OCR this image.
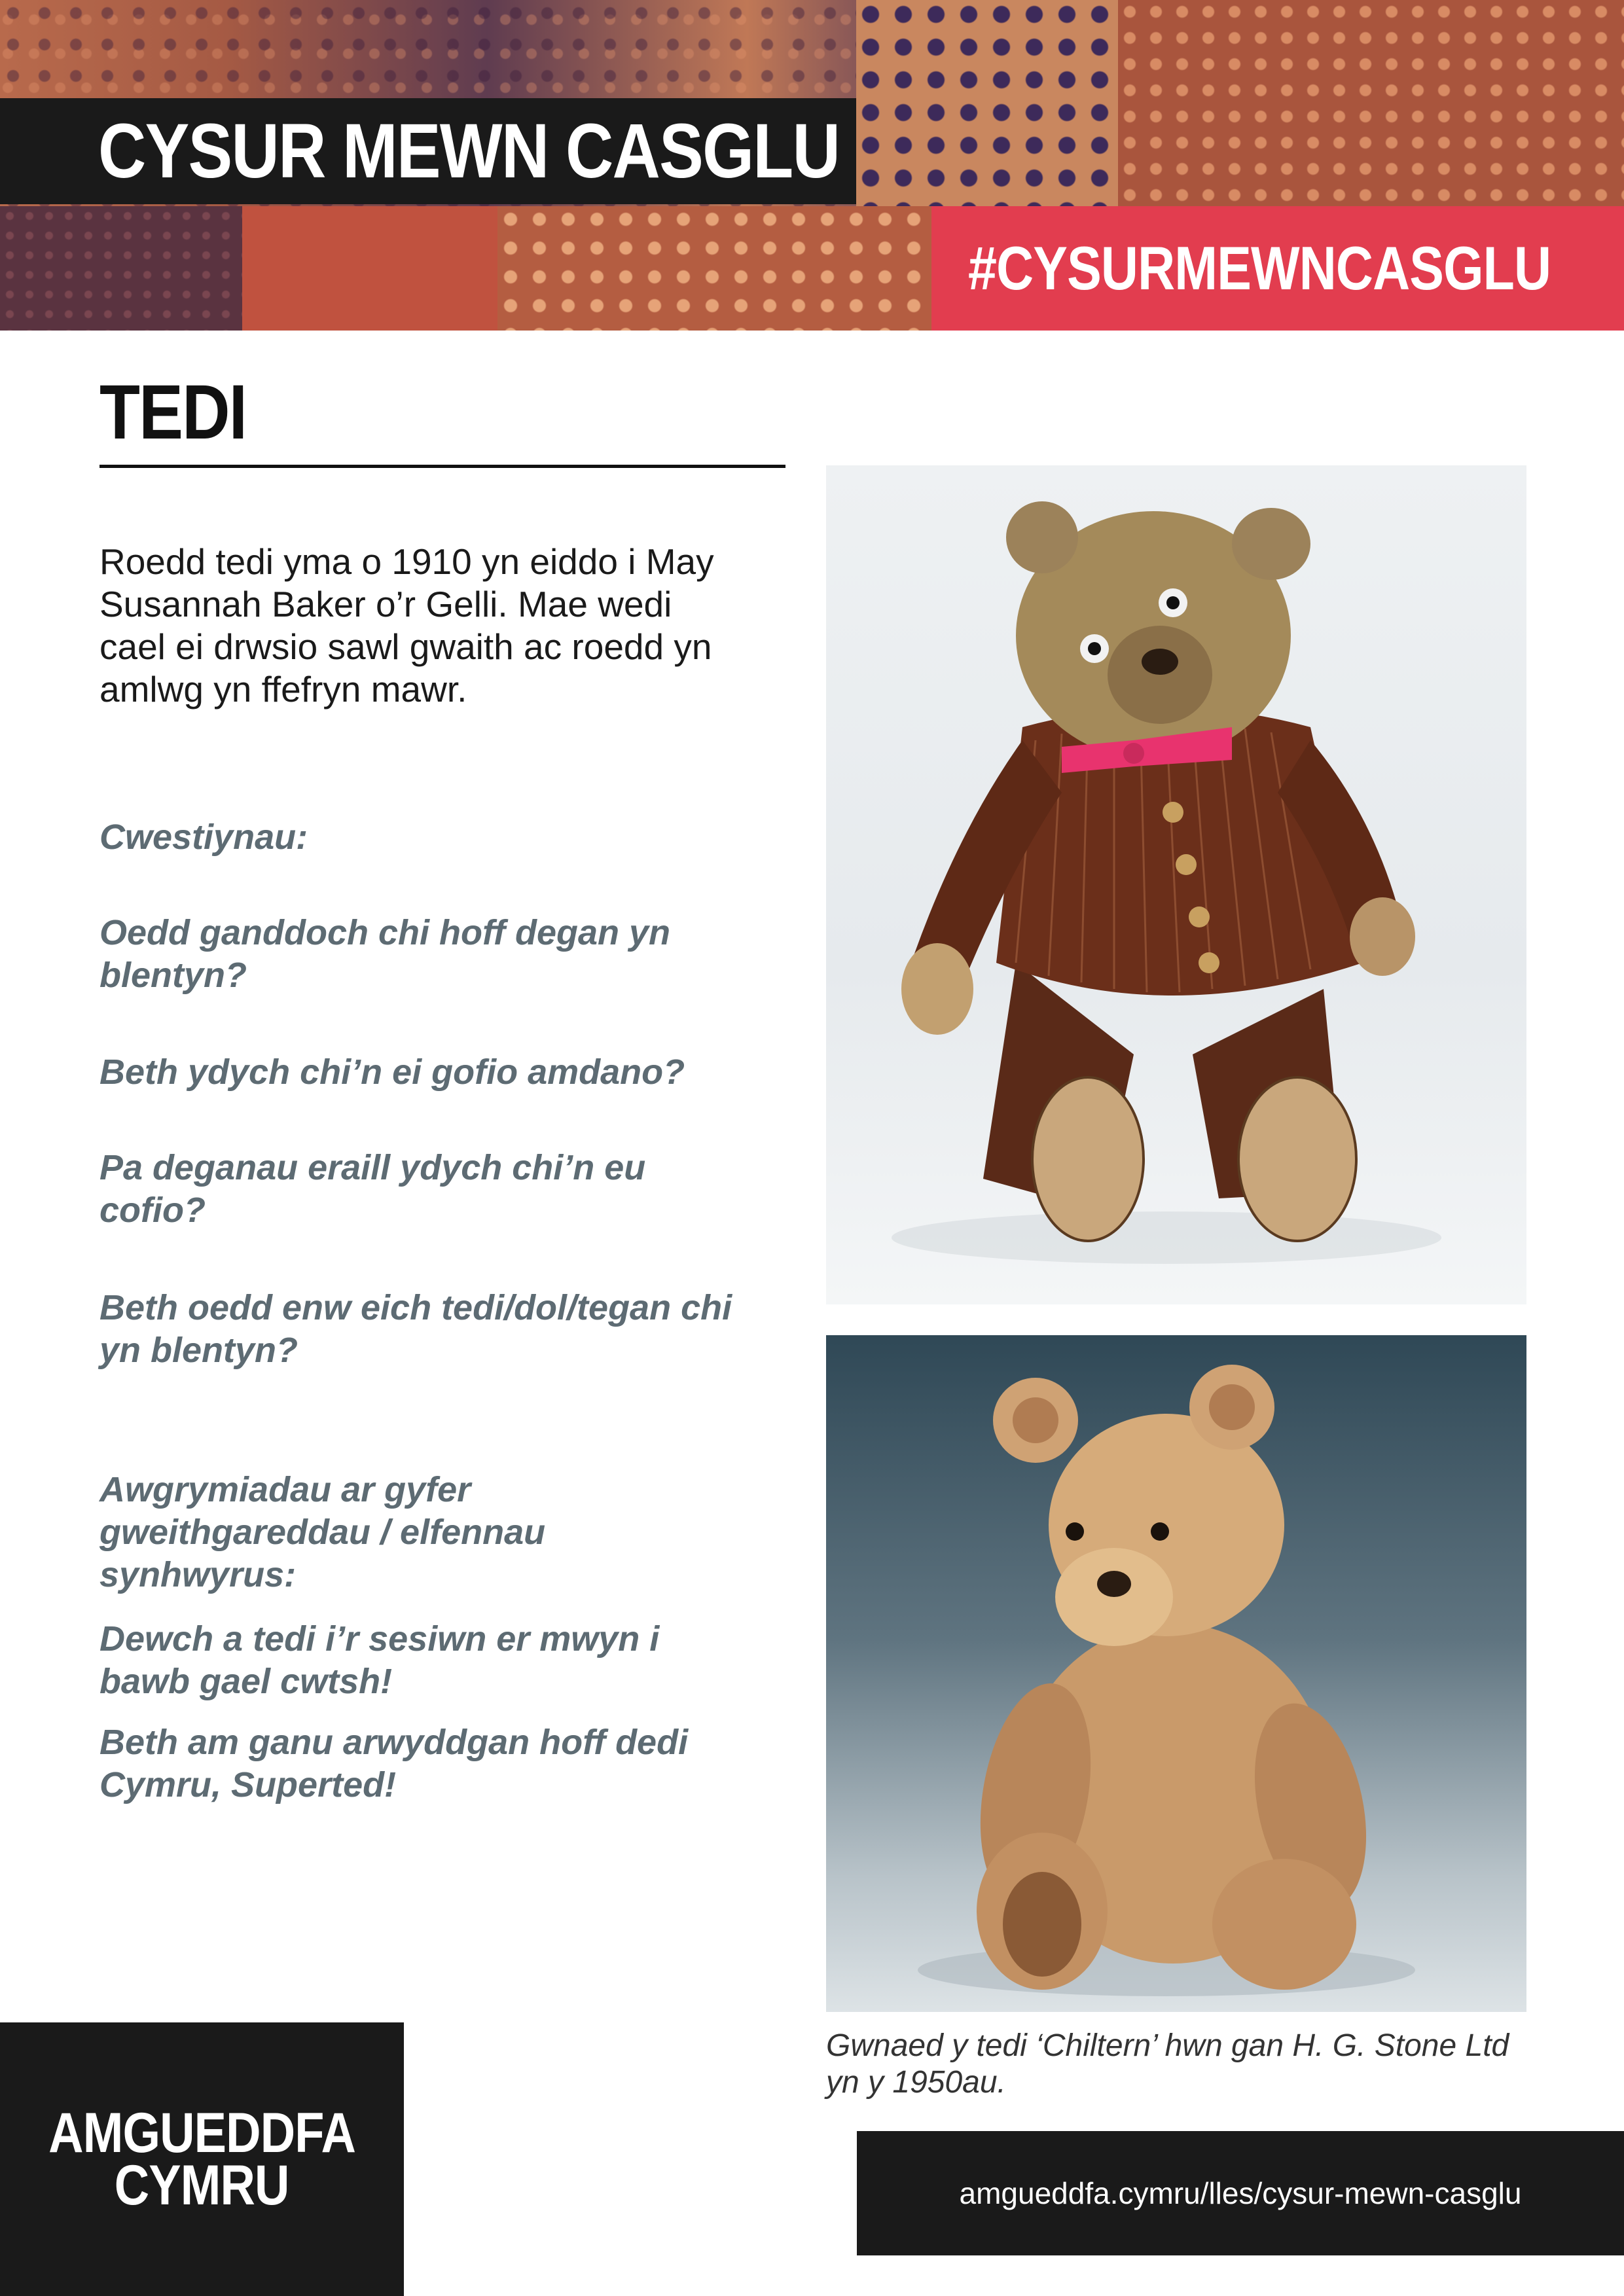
CYSUR MEWN CASGLU
#CYSURMEWNCASGLU
TEDI

Roedd tedi yma o 1910 yn eiddo i May Susannah Baker o’r Gelli. Mae wedi cael ei drwsio sawl gwaith ac roedd yn amlwg yn ffefryn mawr.

Cwestiynau:

Oedd ganddoch chi hoff degan yn blentyn?

Beth ydych chi’n ei gofio amdano?

Pa deganau eraill ydych chi’n eu cofio?

Beth oedd enw eich tedi/dol/tegan chi yn blentyn?

Awgrymiadau ar gyfer gweithgareddau / elfennau synhwyrus:

Dewch a tedi i’r sesiwn er mwyn i bawb gael cwtsh!

Beth am ganu arwyddgan hoff dedi Cymru, Superted!

Gwnaed y tedi ‘Chiltern’ hwn gan H. G. Stone Ltd yn y 1950au.

AMGUEDDFA
CYMRU	amgueddfa.cymru/lles/cysur-mewn-casglu
